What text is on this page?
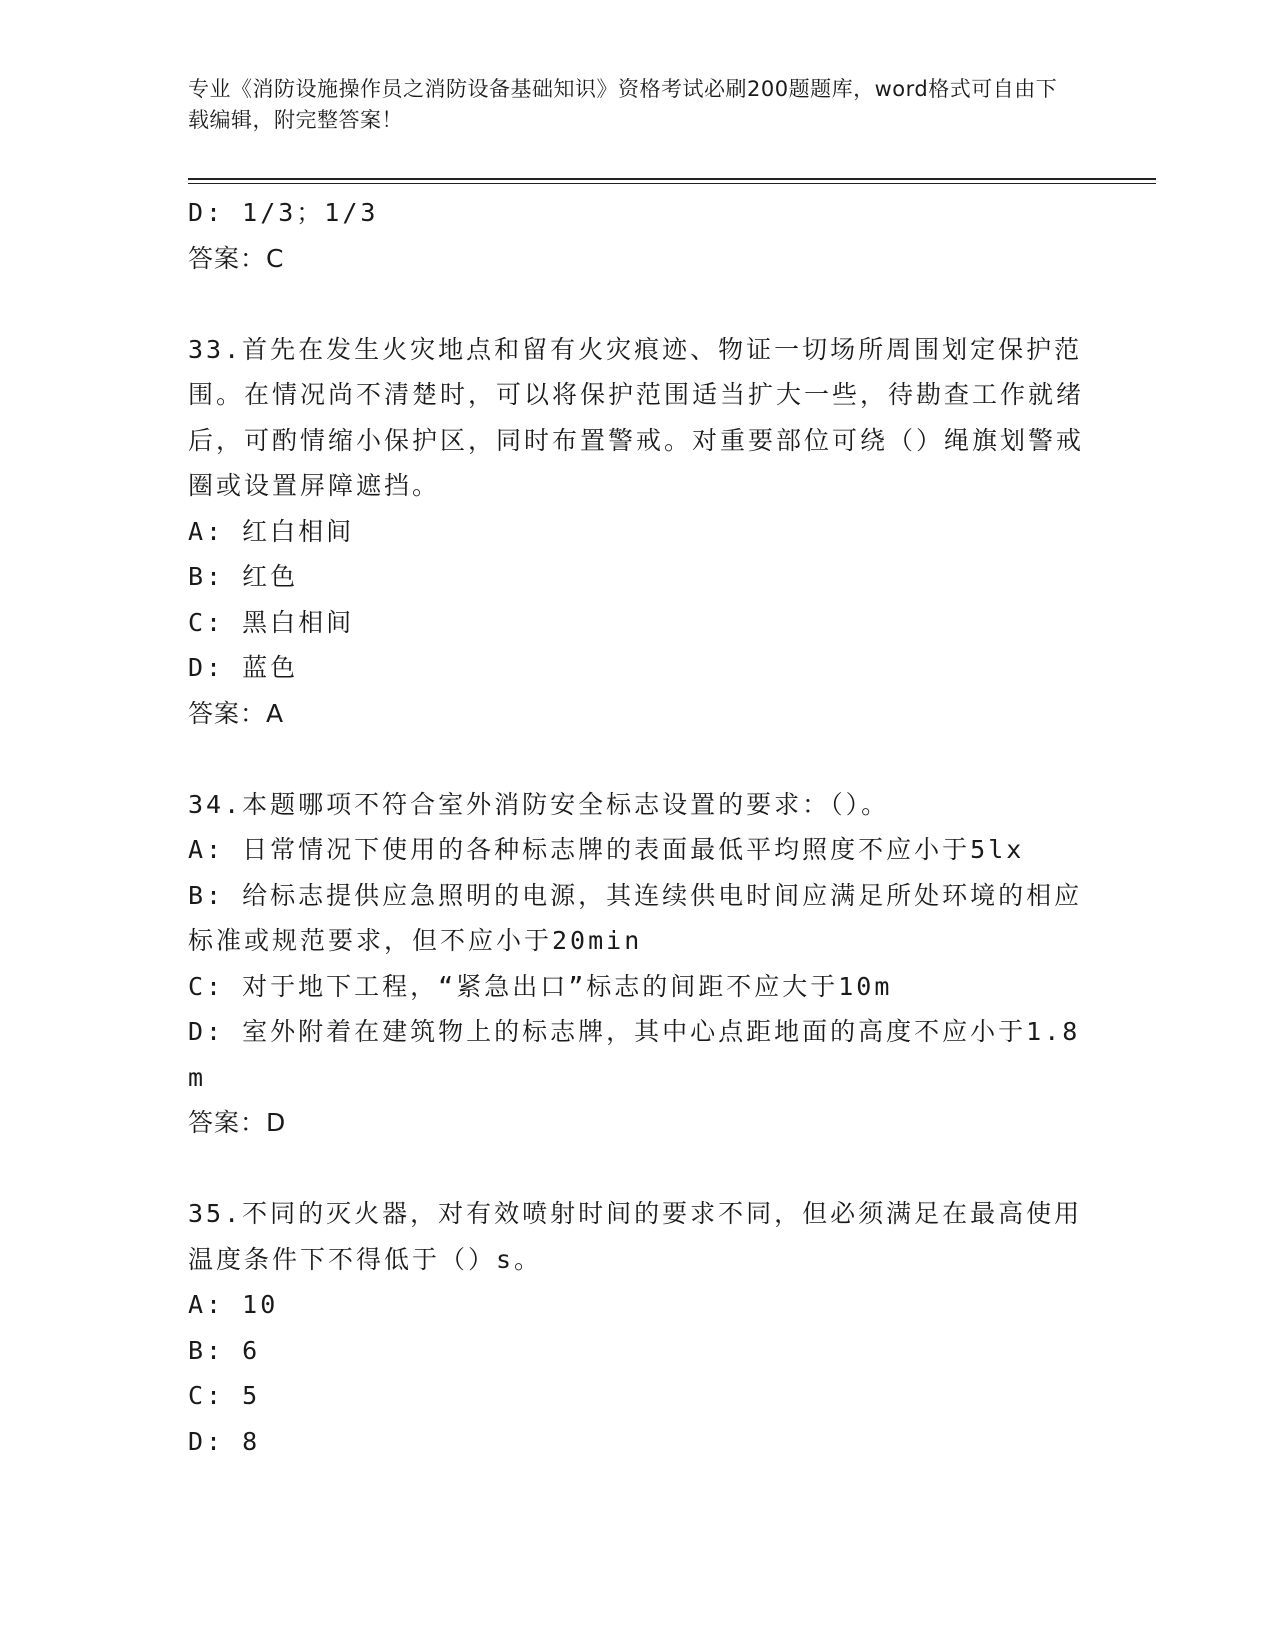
专业《消防设施操作员之消防设备基础知识》资格考试必刷200题题库，word格式可自由下载编辑，附完整答案！
D: 1/3；1/3
答案：C
33.首先在发生火灾地点和留有火灾痕迹、物证一切场所周围划定保护范围。在情况尚不清楚时，可以将保护范围适当扩大一些，待勘查工作就绪后，可酌情缩小保护区，同时布置警戒。对重要部位可绕（）绳旗划警戒圈或设置屏障遮挡。
A: 红白相间
B: 红色
C: 黑白相间
D: 蓝色
答案：A
34.本题哪项不符合室外消防安全标志设置的要求：（）。
A: 日常情况下使用的各种标志牌的表面最低平均照度不应小于5lx
B: 给标志提供应急照明的电源，其连续供电时间应满足所处环境的相应标准或规范要求，但不应小于20min
C: 对于地下工程，“紧急出口”标志的间距不应大于10m
D: 室外附着在建筑物上的标志牌，其中心点距地面的高度不应小于1.8m
答案：D
35.不同的灭火器，对有效喷射时间的要求不同，但必须满足在最高使用温度条件下不得低于（）s。
A: 10
B: 6
C: 5
D: 8
